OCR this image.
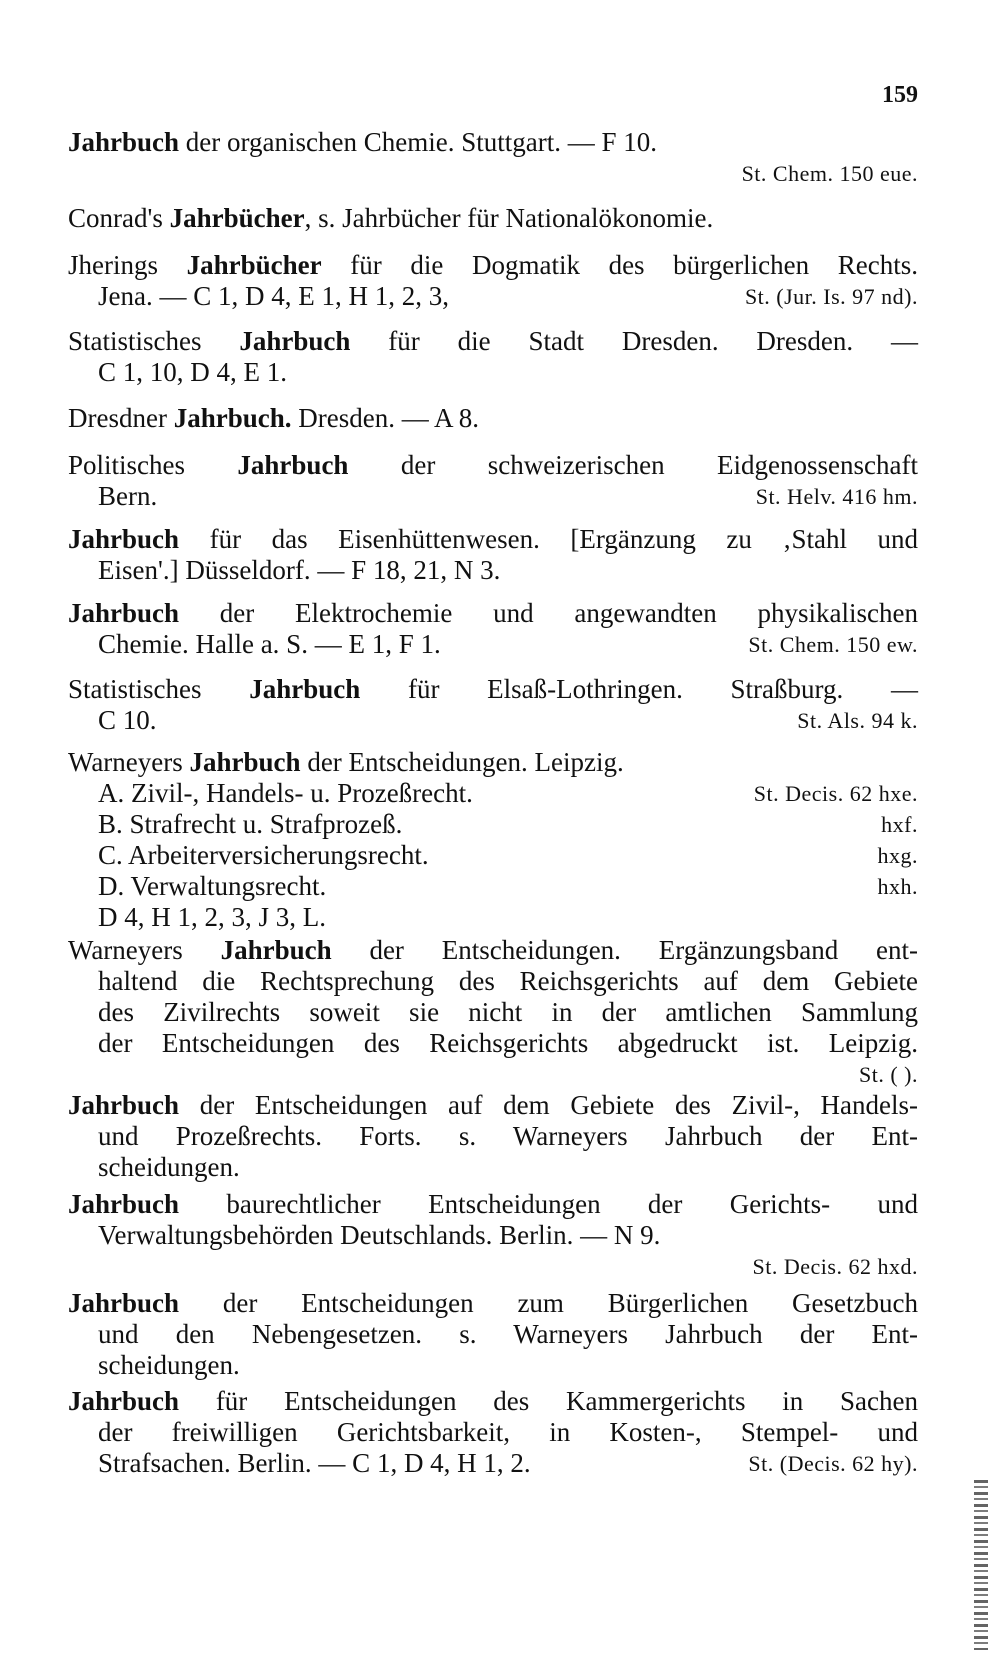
159
Jahrbuch der organischen Chemie. Stuttgart. — F 10.
St. Chem. 150 eue.
Conrad's Jahrbücher, s. Jahrbücher für Nationalökonomie.
Jherings Jahrbücher für die Dogmatik des bürgerlichen Rechts.
Jena. — C 1, D 4, E 1, H 1, 2, 3,	St. (Jur. Is. 97 nd).
Statistisches Jahrbuch für die Stadt Dresden. Dresden. —
C 1, 10, D 4, E 1.
Dresdner Jahrbuch. Dresden. — A 8.
Politisches Jahrbuch der schweizerischen Eidgenossenschaft
Bern.	St. Helv. 416 hm.
Jahrbuch für das Eisenhüttenwesen. [Ergänzung zu ‚Stahl und
Eisen'.] Düsseldorf. — F 18, 21, N 3.
Jahrbuch der Elektrochemie und angewandten physikalischen
Chemie. Halle a. S. — E 1, F 1.	St. Chem. 150 ew.
Statistisches Jahrbuch für Elsaß-Lothringen. Straßburg. —
C 10.	St. Als. 94 k.
Warneyers Jahrbuch der Entscheidungen. Leipzig.
A. Zivil-, Handels- u. Prozeßrecht.	St. Decis. 62 hxe.
B. Strafrecht u. Strafprozeß.	hxf.
C. Arbeiterversicherungsrecht.	hxg.
D. Verwaltungsrecht.	hxh.
D 4, H 1, 2, 3, J 3, L.
Warneyers Jahrbuch der Entscheidungen. Ergänzungsband ent-
haltend die Rechtsprechung des Reichsgerichts auf dem Gebiete
des Zivilrechts soweit sie nicht in der amtlichen Sammlung
der Entscheidungen des Reichsgerichts abgedruckt ist. Leipzig.
St. ( ).
Jahrbuch der Entscheidungen auf dem Gebiete des Zivil-, Handels-
und Prozeßrechts. Forts. s. Warneyers Jahrbuch der Ent-
scheidungen.
Jahrbuch baurechtlicher Entscheidungen der Gerichts- und
Verwaltungsbehörden Deutschlands. Berlin. — N 9.
St. Decis. 62 hxd.
Jahrbuch der Entscheidungen zum Bürgerlichen Gesetzbuch
und den Nebengesetzen. s. Warneyers Jahrbuch der Ent-
scheidungen.
Jahrbuch für Entscheidungen des Kammergerichts in Sachen
der freiwilligen Gerichtsbarkeit, in Kosten-, Stempel- und
Strafsachen. Berlin. — C 1, D 4, H 1, 2.	St. (Decis. 62 hy).
